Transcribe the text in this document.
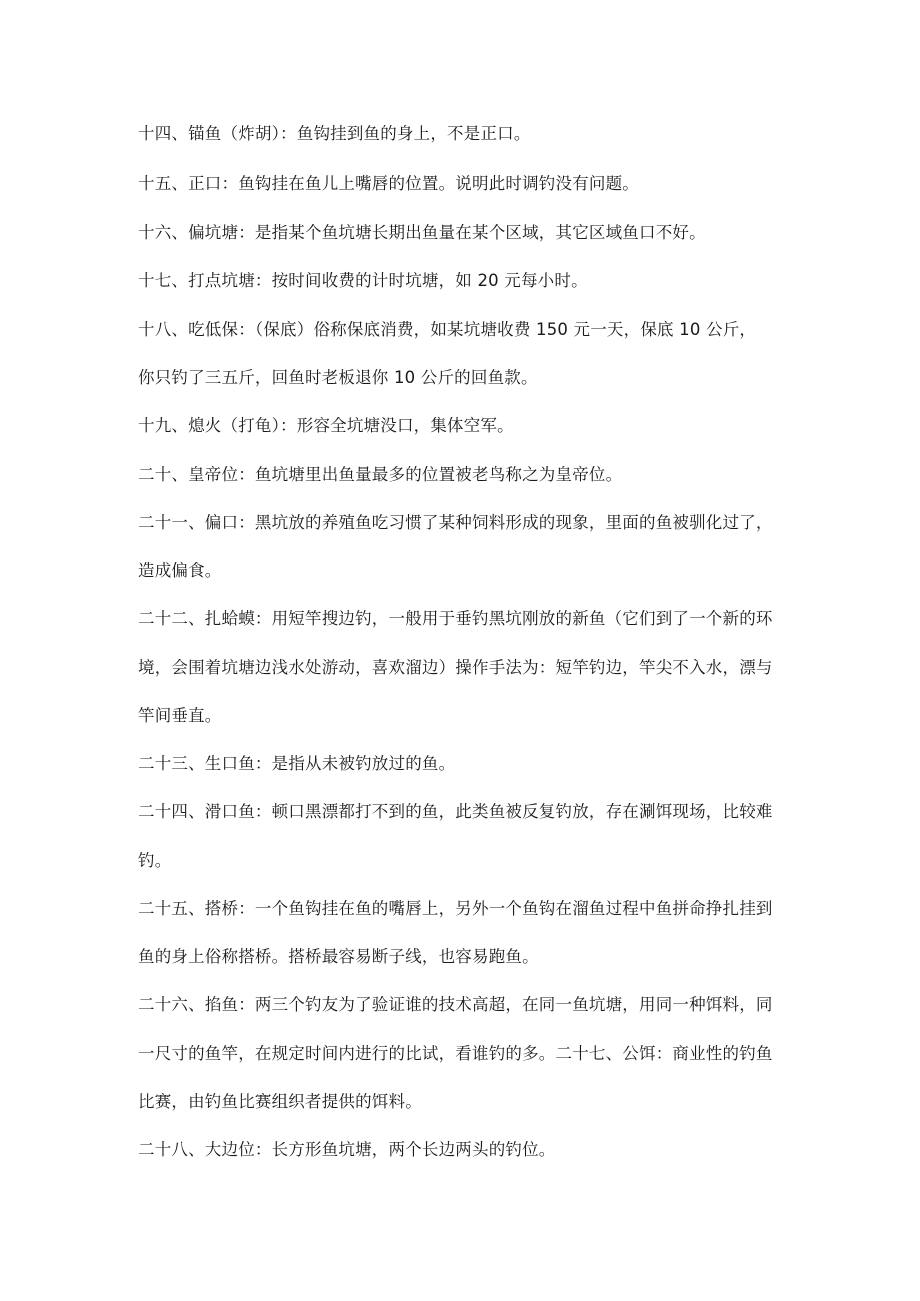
十四、锚鱼（炸胡）：鱼钩挂到鱼的身上，不是正口。
十五、正口：鱼钩挂在鱼儿上嘴唇的位置。说明此时调钓没有问题。
十六、偏坑塘：是指某个鱼坑塘长期出鱼量在某个区域，其它区域鱼口不好。
十七、打点坑塘：按时间收费的计时坑塘，如 20 元每小时。
十八、吃低保：（保底）俗称保底消费，如某坑塘收费 150 元一天，保底 10 公斤，
你只钓了三五斤，回鱼时老板退你 10 公斤的回鱼款。
十九、熄火（打龟）：形容全坑塘没口，集体空军。
二十、皇帝位：鱼坑塘里出鱼量最多的位置被老鸟称之为皇帝位。
二十一、偏口：黑坑放的养殖鱼吃习惯了某种饲料形成的现象，里面的鱼被驯化过了，
造成偏食。
二十二、扎蛤蟆：用短竿搜边钓，一般用于垂钓黑坑刚放的新鱼（它们到了一个新的环
境，会围着坑塘边浅水处游动，喜欢溜边）操作手法为：短竿钓边，竿尖不入水，漂与
竿间垂直。
二十三、生口鱼：是指从未被钓放过的鱼。
二十四、滑口鱼：顿口黑漂都打不到的鱼，此类鱼被反复钓放，存在涮饵现场，比较难
钓。
二十五、搭桥：一个鱼钩挂在鱼的嘴唇上，另外一个鱼钩在溜鱼过程中鱼拼命挣扎挂到
鱼的身上俗称搭桥。搭桥最容易断子线，也容易跑鱼。
二十六、掐鱼：两三个钓友为了验证谁的技术高超，在同一鱼坑塘，用同一种饵料，同
一尺寸的鱼竿，在规定时间内进行的比试，看谁钓的多。二十七、公饵：商业性的钓鱼
比赛，由钓鱼比赛组织者提供的饵料。
二十八、大边位：长方形鱼坑塘，两个长边两头的钓位。
